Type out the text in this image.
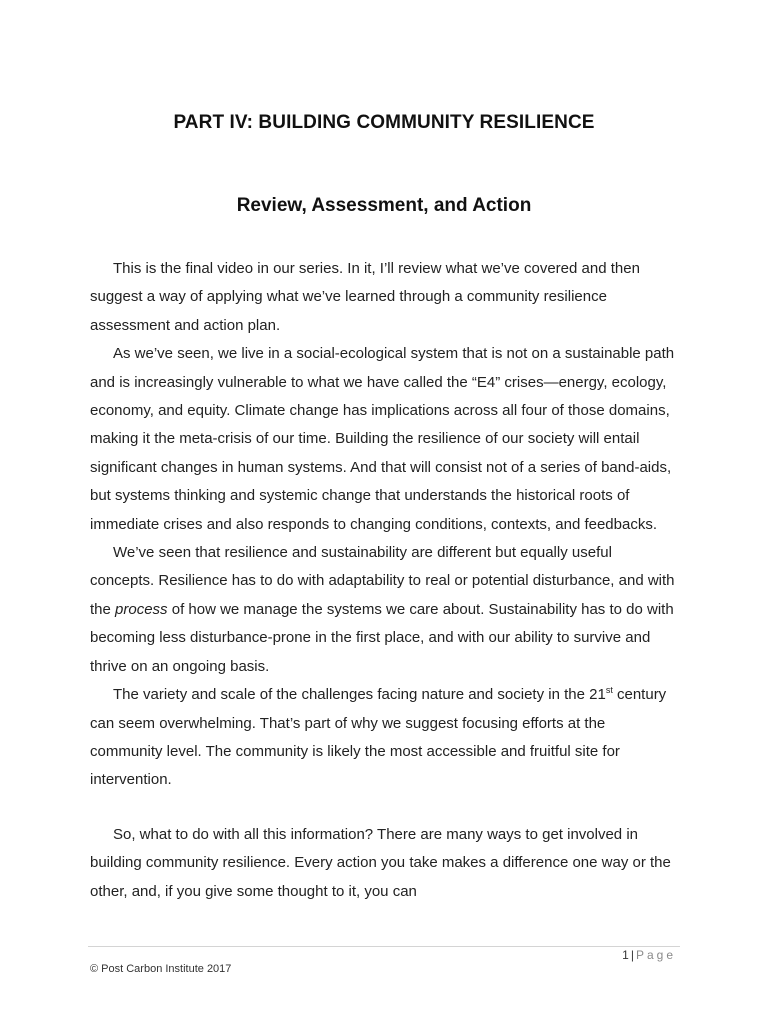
PART IV: BUILDING COMMUNITY RESILIENCE
Review, Assessment, and Action

This is the final video in our series. In it, I’ll review what we’ve covered and then suggest a way of applying what we’ve learned through a community resilience assessment and action plan.

As we’ve seen, we live in a social-ecological system that is not on a sustainable path and is increasingly vulnerable to what we have called the “E4” crises—energy, ecology, economy, and equity. Climate change has implications across all four of those domains, making it the meta-crisis of our time. Building the resilience of our society will entail significant changes in human systems. And that will consist not of a series of band-aids, but systems thinking and systemic change that understands the historical roots of immediate crises and also responds to changing conditions, contexts, and feedbacks.

We’ve seen that resilience and sustainability are different but equally useful concepts. Resilience has to do with adaptability to real or potential disturbance, and with the process of how we manage the systems we care about. Sustainability has to do with becoming less disturbance-prone in the first place, and with our ability to survive and thrive on an ongoing basis.

The variety and scale of the challenges facing nature and society in the 21st century can seem overwhelming. That’s part of why we suggest focusing efforts at the community level. The community is likely the most accessible and fruitful site for intervention.

So, what to do with all this information? There are many ways to get involved in building community resilience. Every action you take makes a difference one way or the other, and, if you give some thought to it, you can

1 | Page
© Post Carbon Institute 2017
